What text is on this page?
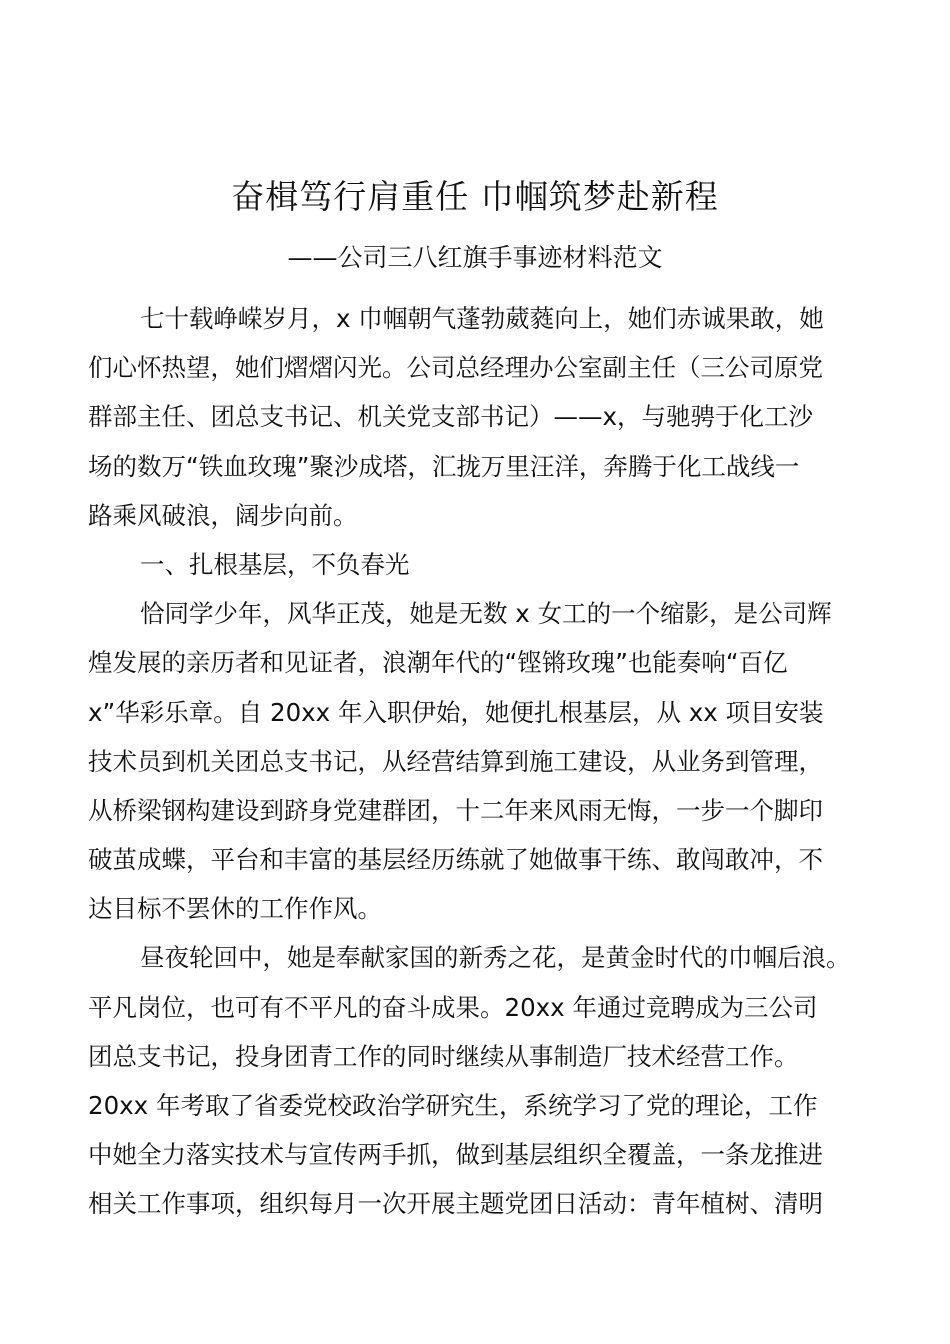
奋楫笃行肩重任 巾帼筑梦赴新程
——公司三八红旗手事迹材料范文
七十载峥嵘岁月，x 巾帼朝气蓬勃葳蕤向上，她们赤诚果敢，她
们心怀热望，她们熠熠闪光。公司总经理办公室副主任（三公司原党
群部主任、团总支书记、机关党支部书记）——x，与驰骋于化工沙
场的数万“铁血玫瑰”聚沙成塔，汇拢万里汪洋，奔腾于化工战线一
路乘风破浪，阔步向前。
一、扎根基层，不负春光
恰同学少年，风华正茂，她是无数 x 女工的一个缩影，是公司辉
煌发展的亲历者和见证者，浪潮年代的“铿锵玫瑰”也能奏响“百亿
x”华彩乐章。自 20xx 年入职伊始，她便扎根基层，从 xx 项目安装
技术员到机关团总支书记，从经营结算到施工建设，从业务到管理，
从桥梁钢构建设到跻身党建群团，十二年来风雨无悔，一步一个脚印
破茧成蝶，平台和丰富的基层经历练就了她做事干练、敢闯敢冲，不
达目标不罢休的工作作风。
昼夜轮回中，她是奉献家国的新秀之花，是黄金时代的巾帼后浪。
平凡岗位，也可有不平凡的奋斗成果。20xx 年通过竞聘成为三公司
团总支书记，投身团青工作的同时继续从事制造厂技术经营工作。
20xx 年考取了省委党校政治学研究生，系统学习了党的理论，工作
中她全力落实技术与宣传两手抓，做到基层组织全覆盖，一条龙推进
相关工作事项，组织每月一次开展主题党团日活动：青年植树、清明
